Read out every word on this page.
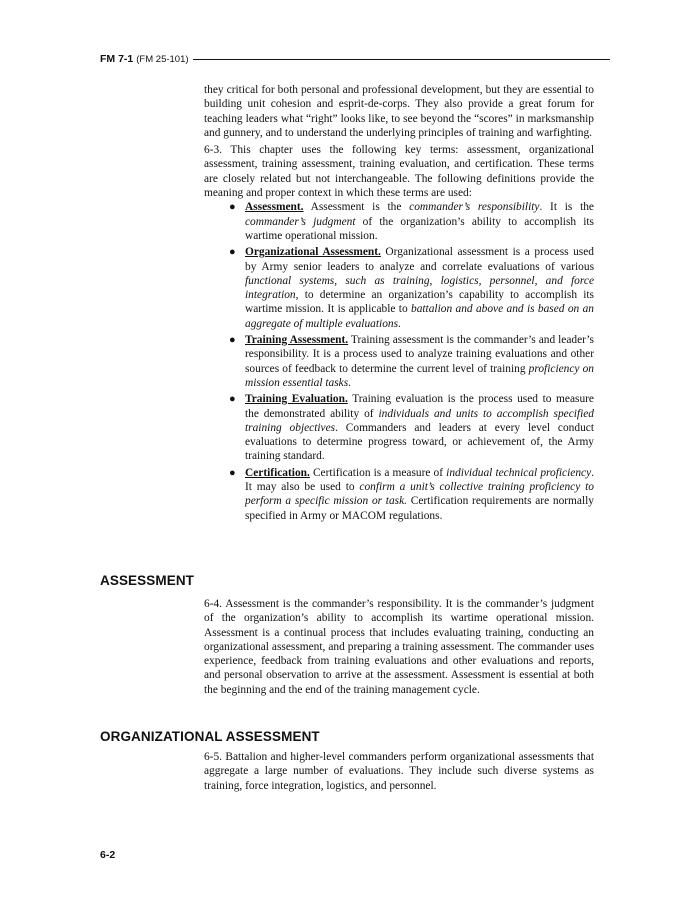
FM 7-1 (FM 25-101)

they critical for both personal and professional development, but they are essential to building unit cohesion and esprit-de-corps. They also provide a great forum for teaching leaders what “right” looks like, to see beyond the “scores” in marksmanship and gunnery, and to understand the underlying principles of training and warfighting.

6-3. This chapter uses the following key terms: assessment, organizational assessment, training assessment, training evaluation, and certification. These terms are closely related but not interchangeable. The following definitions provide the meaning and proper context in which these terms are used:

● Assessment. Assessment is the commander’s responsibility. It is the commander’s judgment of the organization’s ability to accomplish its wartime operational mission.
● Organizational Assessment. Organizational assessment is a process used by Army senior leaders to analyze and correlate evaluations of various functional systems, such as training, logistics, personnel, and force integration, to determine an organization’s capability to accomplish its wartime mission. It is applicable to battalion and above and is based on an aggregate of multiple evaluations.
● Training Assessment. Training assessment is the commander’s and leader’s responsibility. It is a process used to analyze training evaluations and other sources of feedback to determine the current level of training proficiency on mission essential tasks.
● Training Evaluation. Training evaluation is the process used to measure the demonstrated ability of individuals and units to accomplish specified training objectives. Commanders and leaders at every level conduct evaluations to determine progress toward, or achievement of, the Army training standard.
● Certification. Certification is a measure of individual technical proficiency. It may also be used to confirm a unit’s collective training proficiency to perform a specific mission or task. Certification requirements are normally specified in Army or MACOM regulations.
ASSESSMENT

6-4. Assessment is the commander’s responsibility. It is the commander’s judgment of the organization’s ability to accomplish its wartime operational mission. Assessment is a continual process that includes evaluating training, conducting an organizational assessment, and preparing a training assessment. The commander uses experience, feedback from training evaluations and other evaluations and reports, and personal observation to arrive at the assessment. Assessment is essential at both the beginning and the end of the training management cycle.

ORGANIZATIONAL ASSESSMENT

6-5. Battalion and higher-level commanders perform organizational assessments that aggregate a large number of evaluations. They include such diverse systems as training, force integration, logistics, and personnel.

6-2
